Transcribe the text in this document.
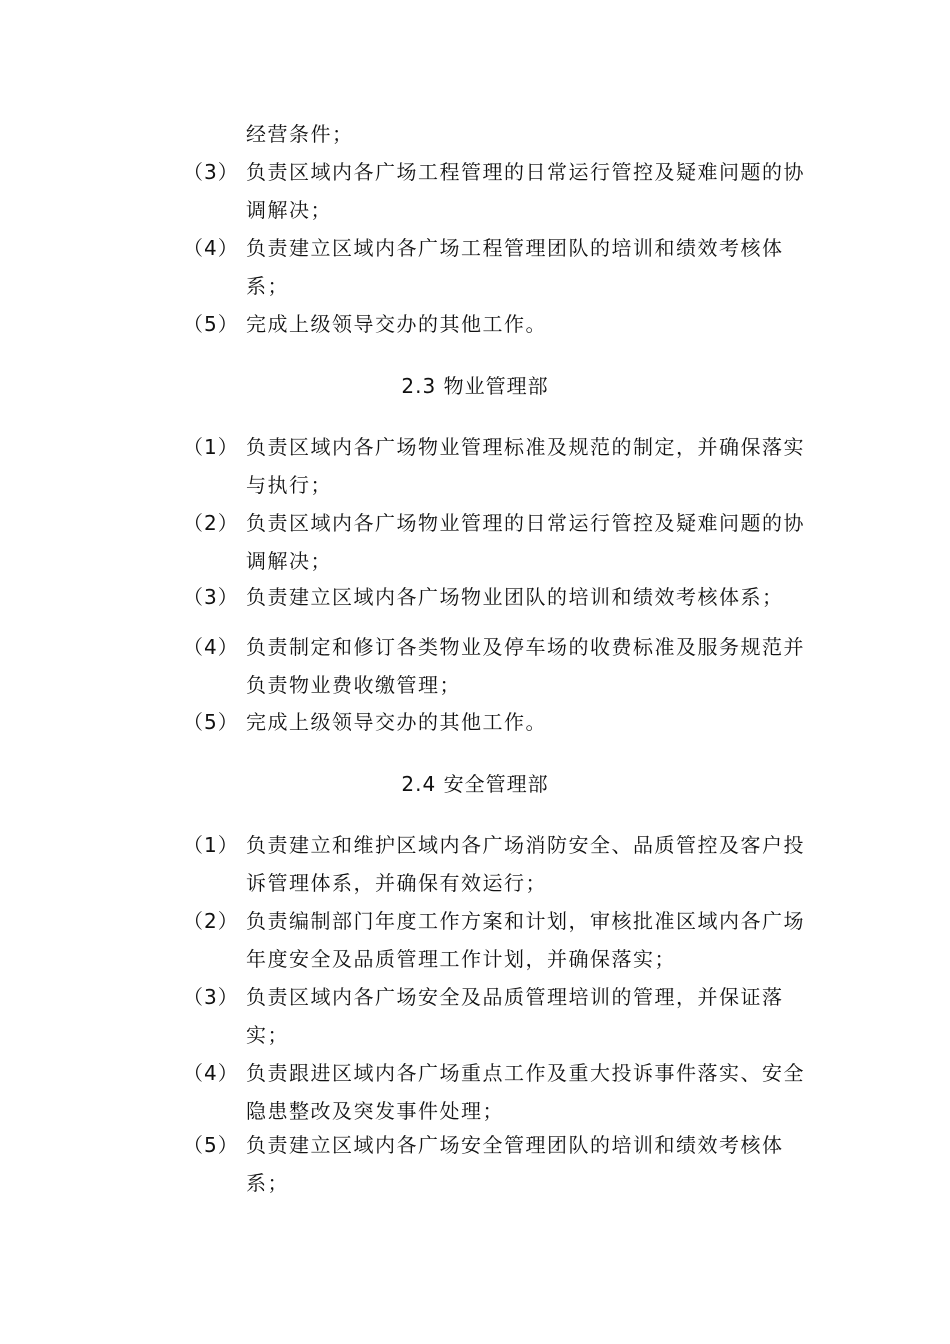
经营条件；
（3） 负责区域内各广场工程管理的日常运行管控及疑难问题的协调解决；
（4） 负责建立区域内各广场工程管理团队的培训和绩效考核体系；
（5） 完成上级领导交办的其他工作。
2.3 物业管理部
（1） 负责区域内各广场物业管理标准及规范的制定，并确保落实与执行；
（2） 负责区域内各广场物业管理的日常运行管控及疑难问题的协调解决；
（3） 负责建立区域内各广场物业团队的培训和绩效考核体系；
（4） 负责制定和修订各类物业及停车场的收费标准及服务规范并负责物业费收缴管理；
（5） 完成上级领导交办的其他工作。
2.4 安全管理部
（1） 负责建立和维护区域内各广场消防安全、品质管控及客户投诉管理体系，并确保有效运行；
（2） 负责编制部门年度工作方案和计划，审核批准区域内各广场年度安全及品质管理工作计划，并确保落实；
（3） 负责区域内各广场安全及品质管理培训的管理，并保证落实；
（4） 负责跟进区域内各广场重点工作及重大投诉事件落实、安全隐患整改及突发事件处理；
（5） 负责建立区域内各广场安全管理团队的培训和绩效考核体系；
